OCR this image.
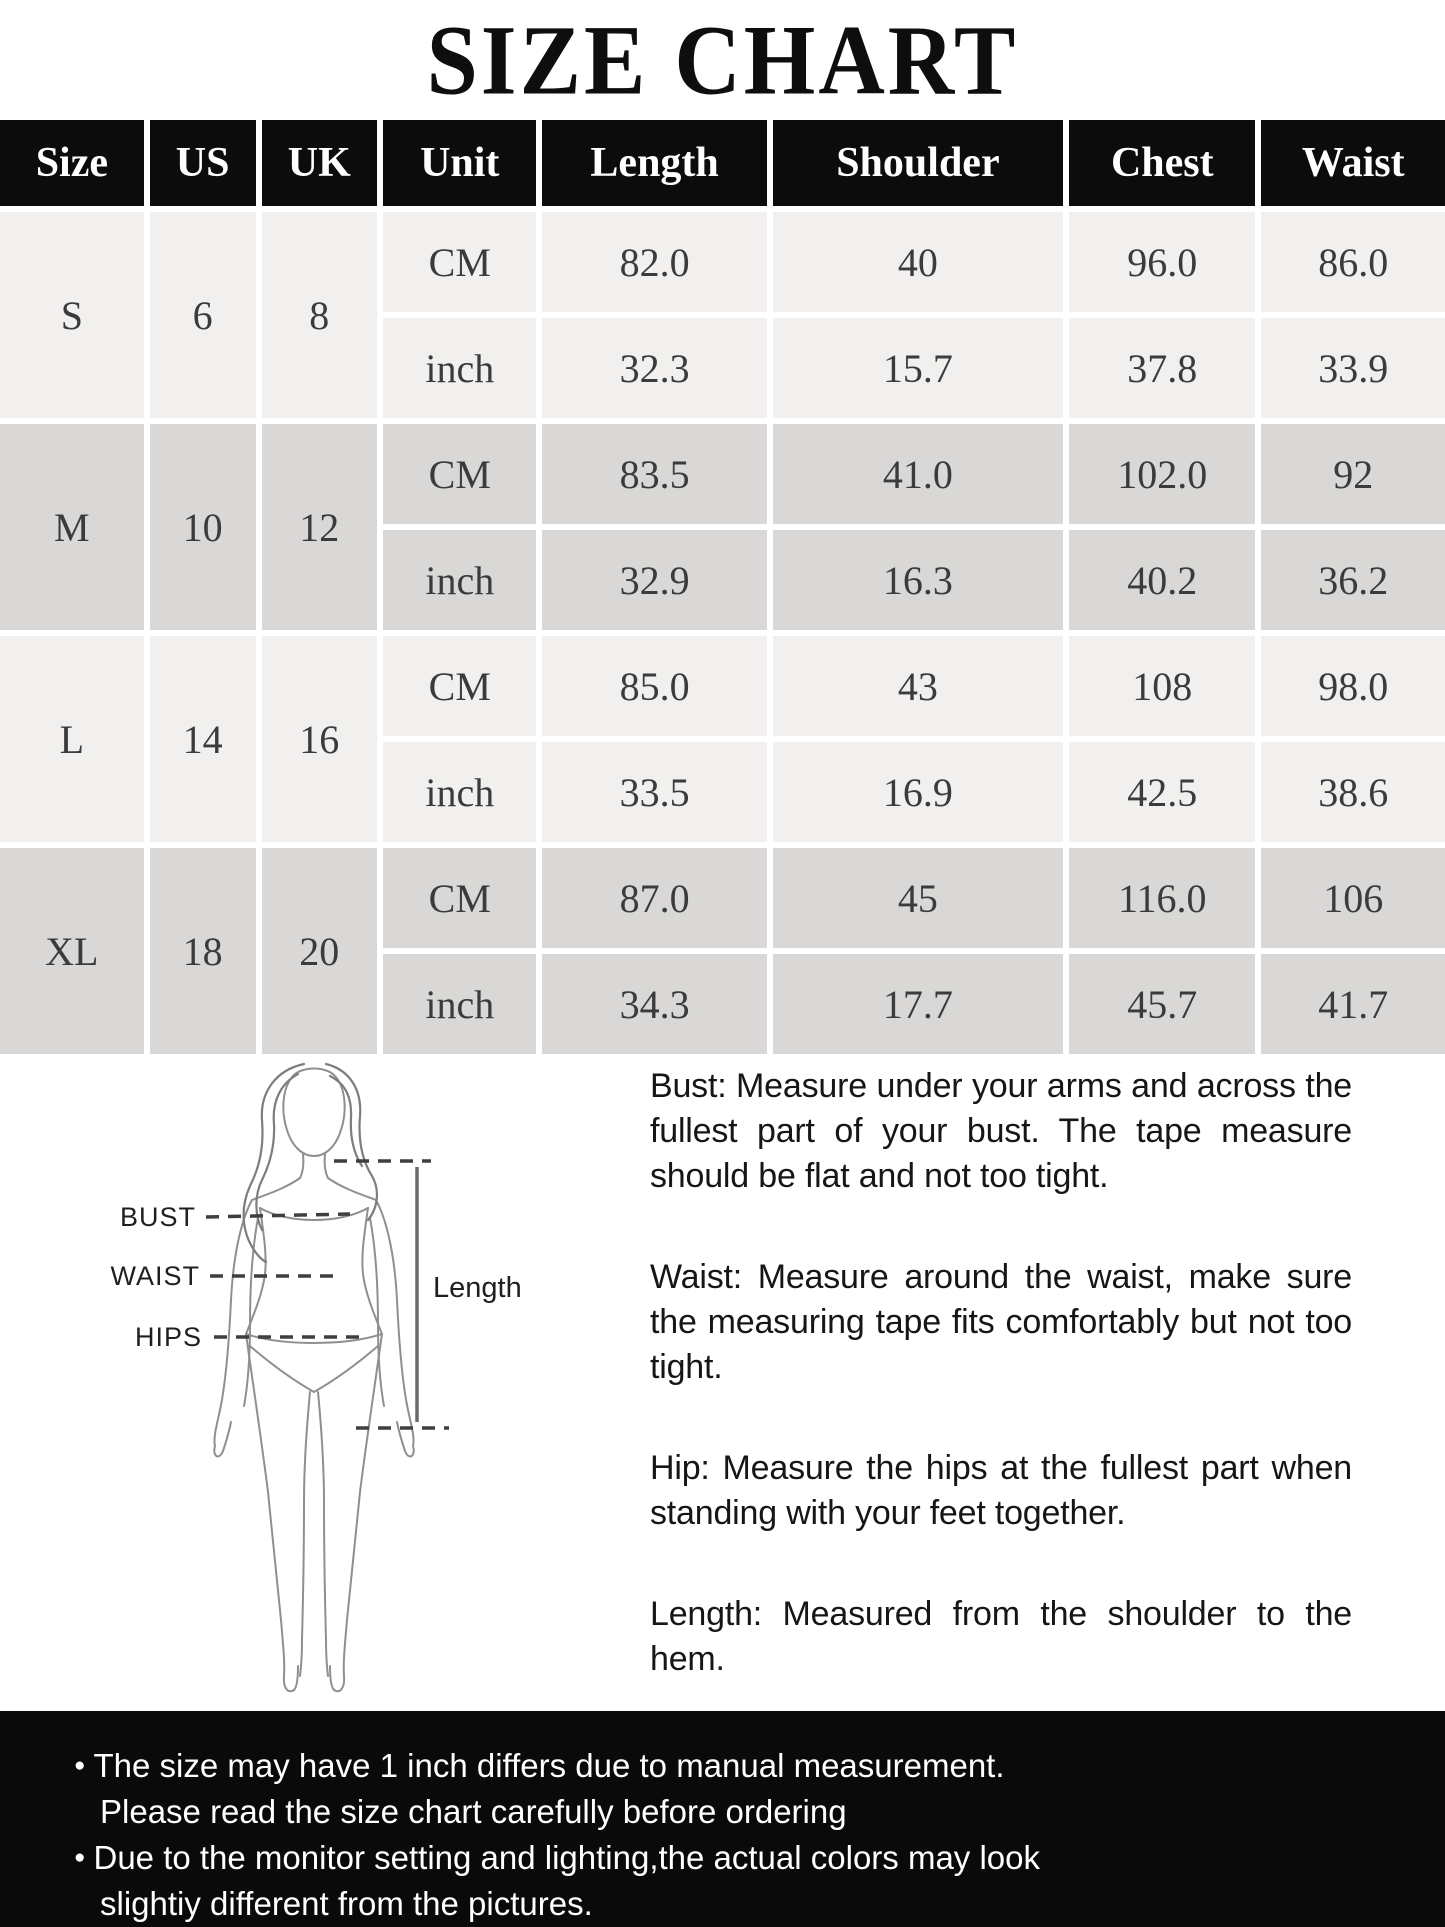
SIZE CHART
Size	US	UK	Unit	Length	Shoulder	Chest	Waist
S	6	8
CM	82.0	40	96.0	86.0
inch	32.3	15.7	37.8	33.9
M	10	12
CM	83.5	41.0	102.0	92
inch	32.9	16.3	40.2	36.2
L	14	16
CM	85.0	43	108	98.0
inch	33.5	16.9	42.5	38.6
XL	18	20
CM	87.0	45	116.0	106
inch	34.3	17.7	45.7	41.7
BUST
WAIST
HIPS
Length

Bust: Measure under your arms and across the fullest part of your bust. The tape measure should be flat and not too tight.

Waist: Measure around the waist, make sure the measuring tape fits comfortably but not too tight.

Hip: Measure the hips at the fullest part when standing with your feet together.

Length: Measured from the shoulder to the hem.

● The size may have 1 inch differs due to manual measurement.
Please read the size chart carefully before ordering
● Due to the monitor setting and lighting,the actual colors may look
slightiy different from the pictures.
